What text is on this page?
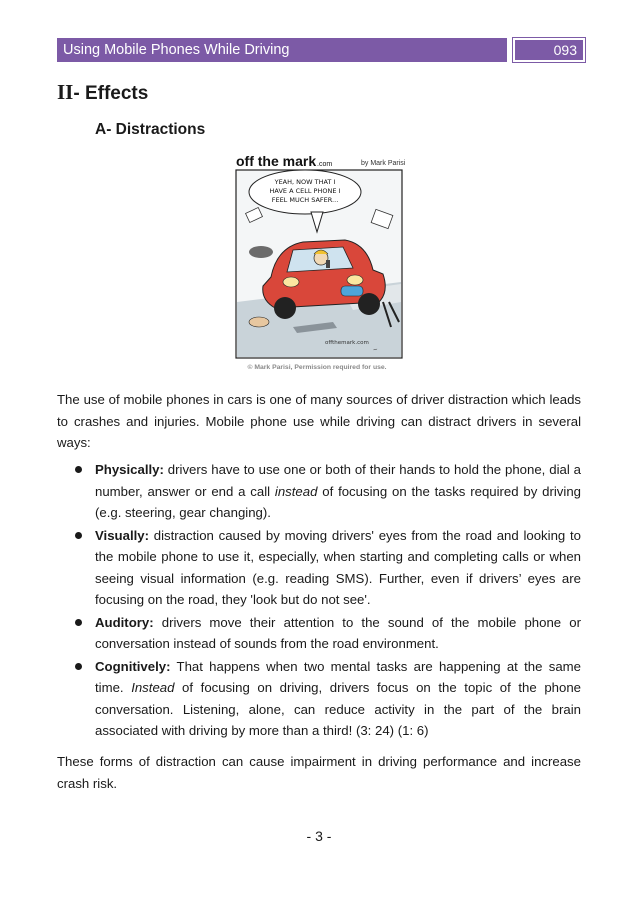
Using Mobile Phones While Driving	093
II- Effects
A- Distractions
off the mark .com	by Mark Parisi
YEAH, NOW THAT I
HAVE A CELL PHONE I
FEEL MUCH SAFER...
offthemark.com
~
© Mark Parisi, Permission required for use.

The use of mobile phones in cars is one of many sources of driver distraction which leads to crashes and injuries. Mobile phone use while driving can distract drivers in several ways:

Physically: drivers have to use one or both of their hands to hold the phone, dial a number, answer or end a call instead of focusing on the tasks required by driving (e.g. steering, gear changing).
Visually: distraction caused by moving drivers' eyes from the road and looking to the mobile phone to use it, especially, when starting and completing calls or when seeing visual information (e.g. reading SMS). Further, even if drivers’ eyes are focusing on the road, they 'look but do not see'.
Auditory: drivers move their attention to the sound of the mobile phone or conversation instead of sounds from the road environment.
Cognitively: That happens when two mental tasks are happening at the same time. Instead of focusing on driving, drivers focus on the topic of the phone conversation. Listening, alone, can reduce activity in the part of the brain associated with driving by more than a third! (3: 24) (1: 6)

These forms of distraction can cause impairment in driving performance and increase crash risk.

- 3 -
